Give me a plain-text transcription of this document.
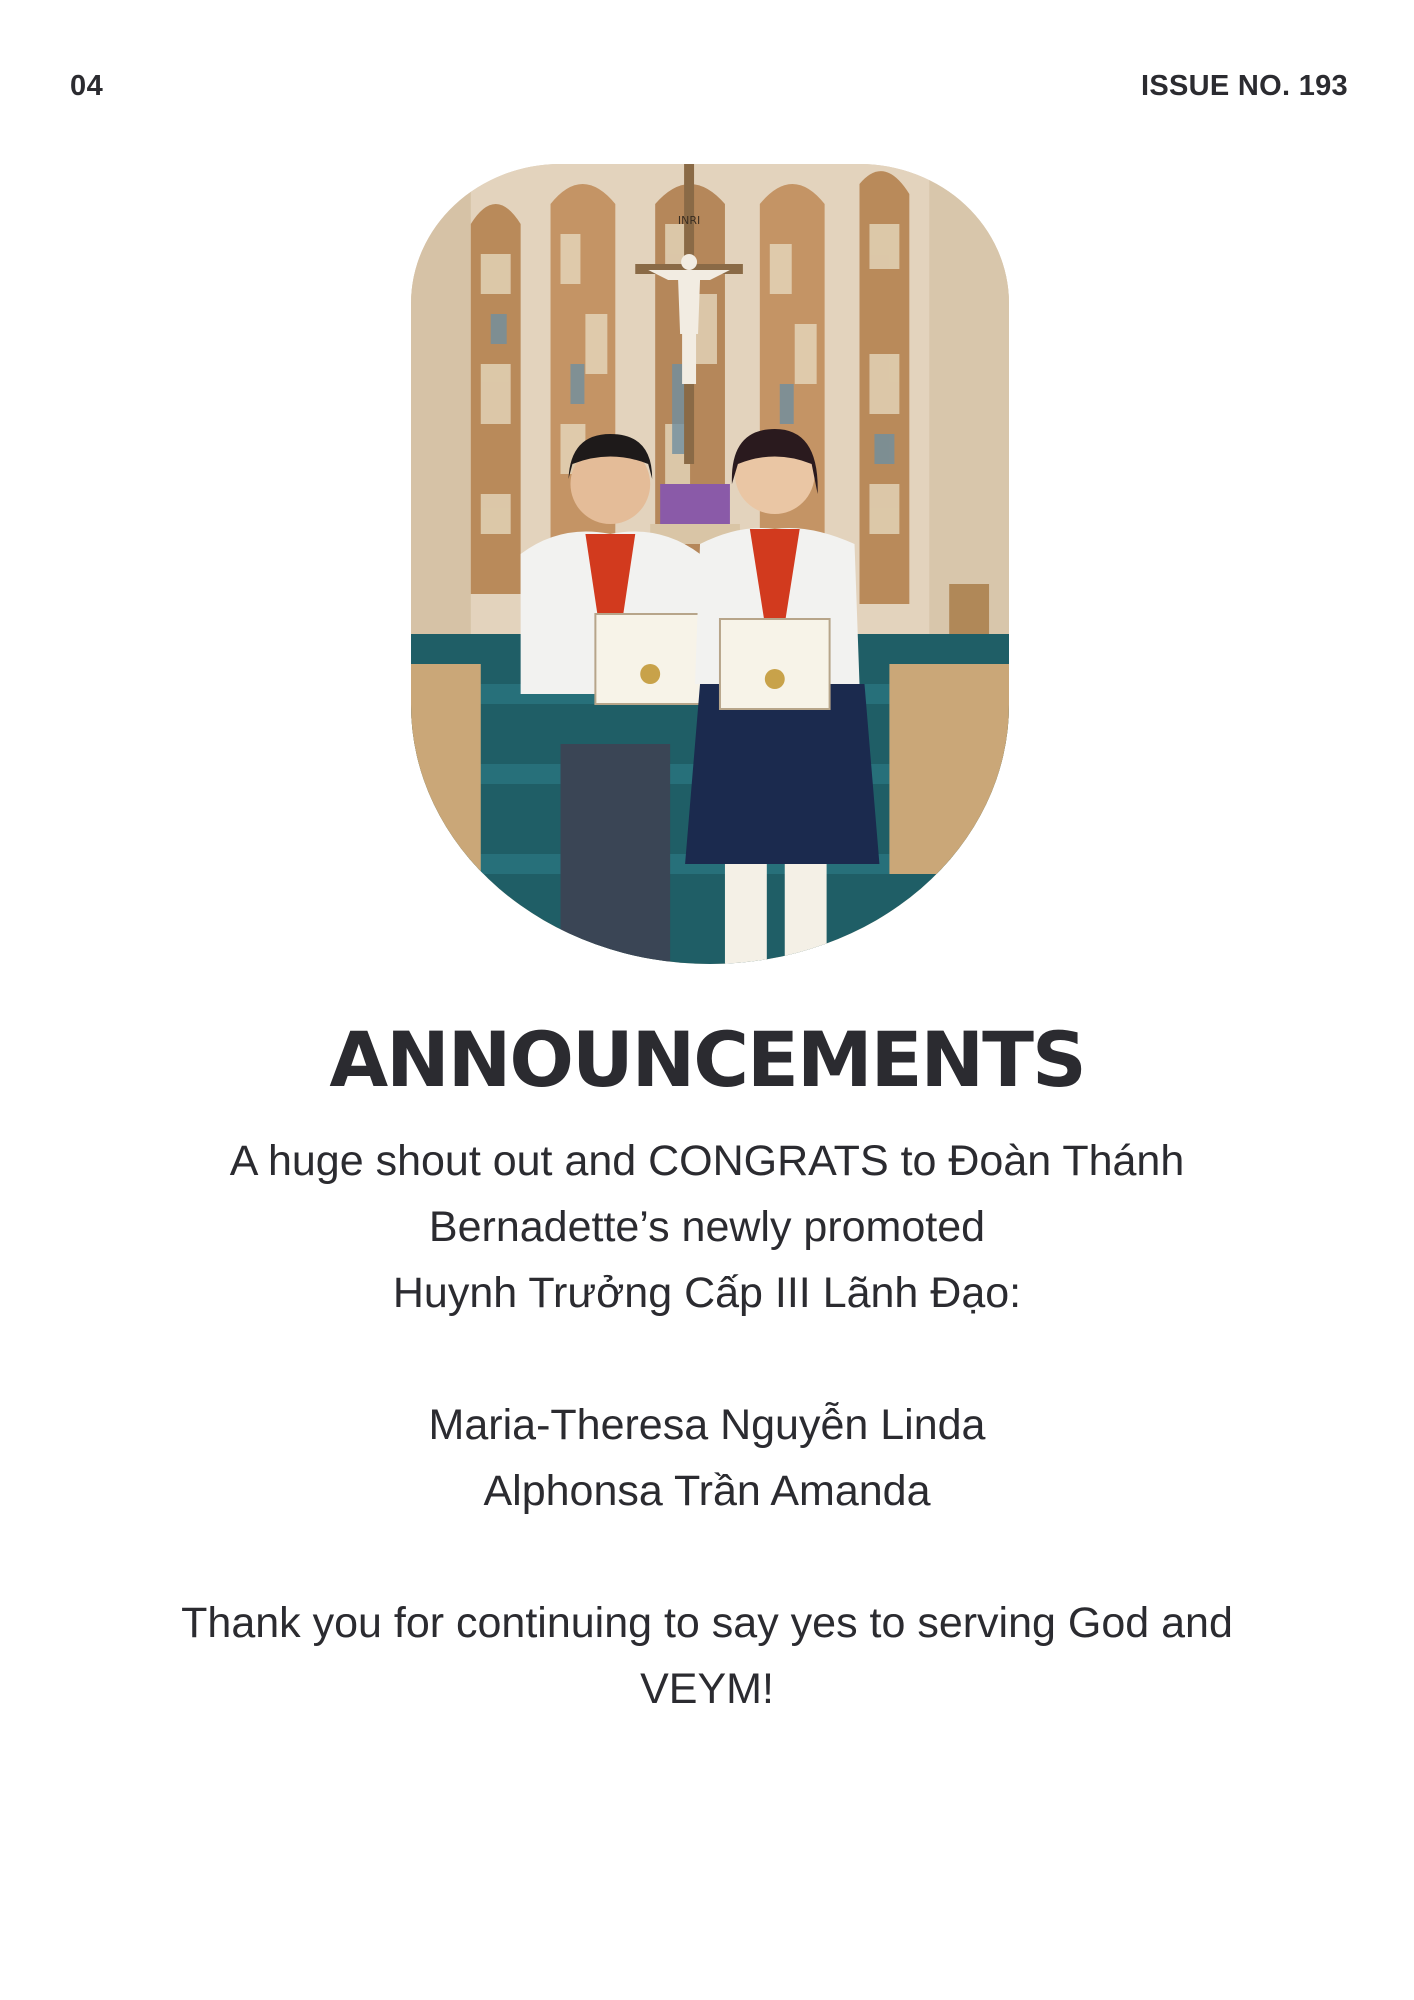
04	ISSUE NO. 193
INRI
ANNOUNCEMENTS
A huge shout out and CONGRATS to Đoàn Thánh
Bernadette’s newly promoted
Huynh Trưởng Cấp III Lãnh Đạo:
Maria-Theresa Nguyễn Linda
Alphonsa Trần Amanda
Thank you for continuing to say yes to serving God and
VEYM!
